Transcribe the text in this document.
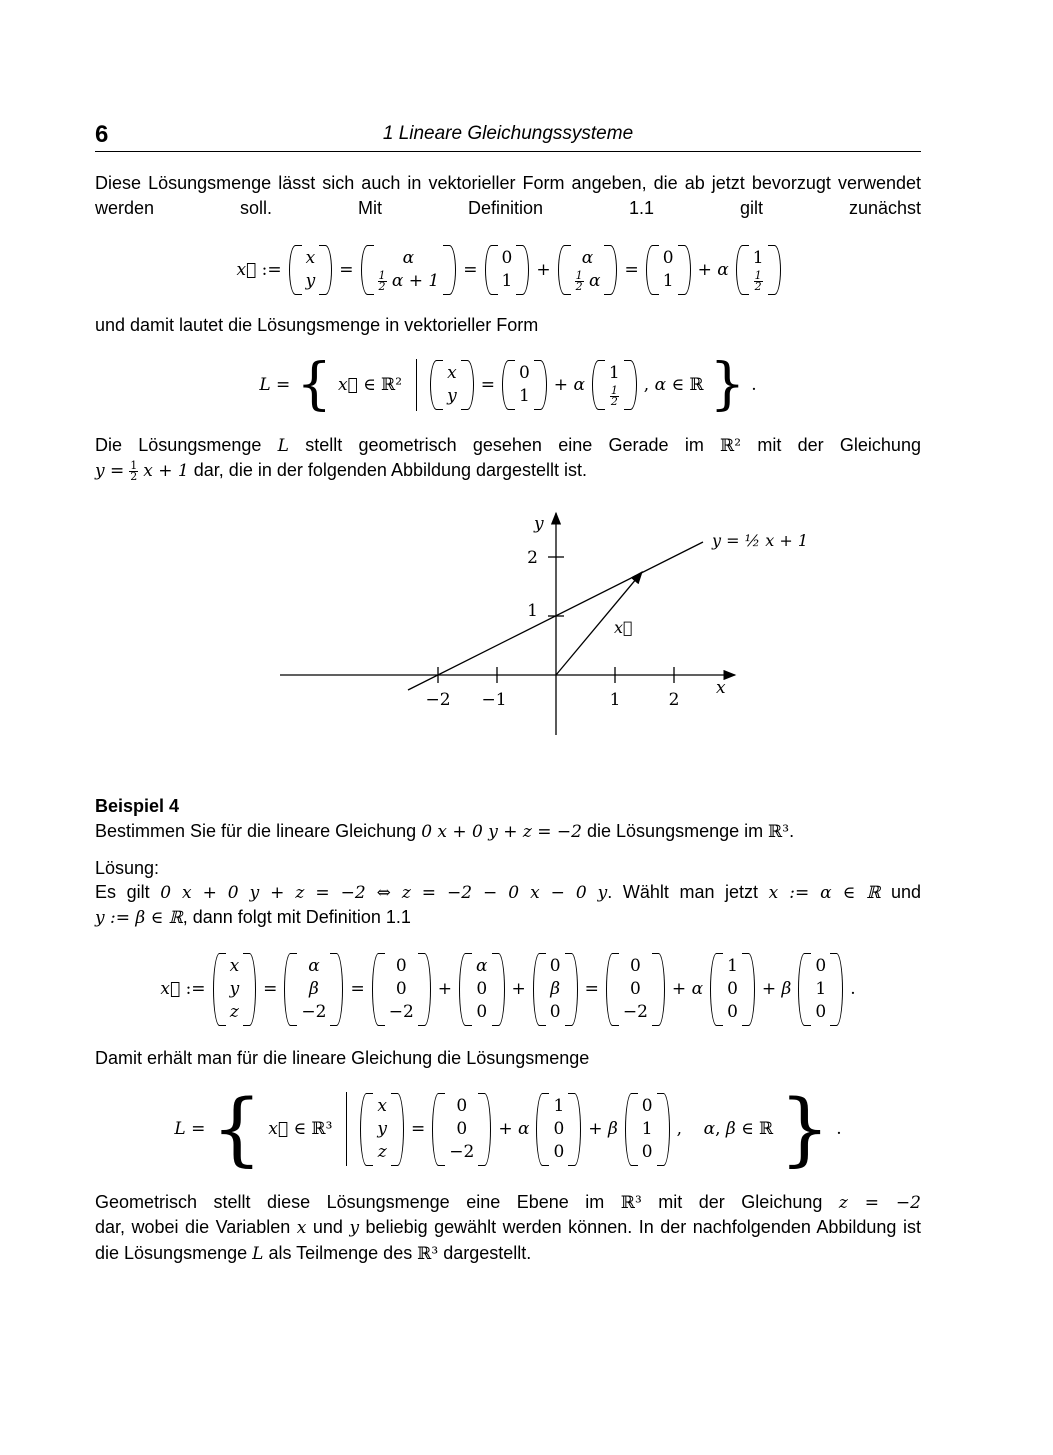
6	1 Lineare Gleichungssysteme
Diese Lösungsmenge lässt sich auch in vektorieller Form angeben, die ab jetzt bevorzugt verwendet werden soll. Mit Definition 1.1 gilt zunächst
x⃗ :=
x
y
=
α
$\frac{1}{2}$ α + 1
=
0
1
+
α
$\frac{1}{2}$ α
=
0
1
+ α
1
$\frac{1}{2}$
und damit lautet die Lösungsmenge in vektorieller Form
L = { x⃗ ∈ ℝ²
x
y
=
0
1
+ α
1
$\frac{1}{2}$
, α ∈ ℝ } .
Die Lösungsmenge L stellt geometrisch gesehen eine Gerade im ℝ² mit der Gleichung
$y = \frac{1}{2}$ x + 1 dar, die in der folgenden Abbildung dargestellt ist.
−2 −1	1	2
1
2
x
y
y = ½ x + 1
x⃗
Beispiel 4
Bestimmen Sie für die lineare Gleichung 0 x + 0 y + z = −2 die Lösungsmenge im ℝ³.
Lösung:
Es gilt 0 x + 0 y + z = −2 ⇔ z = −2 − 0 x − 0 y. Wählt man jetzt x := α ∈ ℝ und
y := β ∈ ℝ, dann folgt mit Definition 1.1
x⃗ :=
x
y
z
=
α
β
−2
=
0
0
−2
+
α
0
0
+
0
β
0
=
0
0
−2
+ α
1
0
0
+ β
0
1
0
.
Damit erhält man für die lineare Gleichung die Lösungsmenge
L = { x⃗ ∈ ℝ³
x
y
z
=
0
0
−2
+ α
1
0
0
+ β
0
1
0
,    α, β ∈ ℝ } .
Geometrisch stellt diese Lösungsmenge eine Ebene im ℝ³ mit der Gleichung z = −2
dar, wobei die Variablen x und y beliebig gewählt werden können. In der nachfolgenden Abbildung ist die Lösungsmenge L als Teilmenge des ℝ³ dargestellt.
